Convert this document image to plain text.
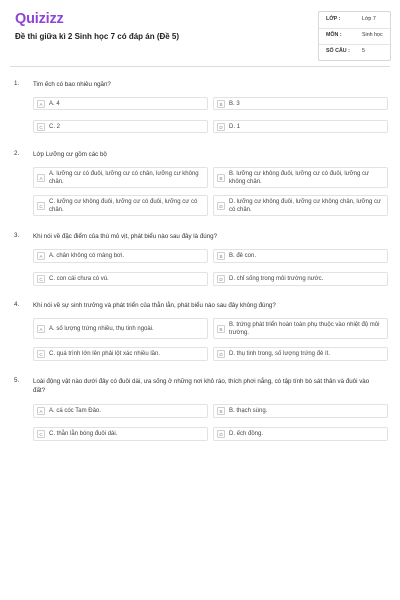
Quizizz
Đề thi giữa kì 2 Sinh học 7 có đáp án (Đề 5)
LỚP :	Lớp 7
MÔN :	Sinh học
SỐ CÂU : 5
1. Tim ếch có bao nhiêu ngăn?
A	A. 4	B	B. 3
C	C. 2	D	D. 1
2. Lớp Lưỡng cư gồm các bộ
A
A. lưỡng cư có đuôi, lưỡng cư có chân, lưỡng cư không chân.
B
B. lưỡng cư không đuôi, lưỡng cư có đuôi, lưỡng cư không chân.
C
C. lưỡng cư không đuôi, lưỡng cư có đuôi, lưỡng cư có chân.
D
D. lưỡng cư không đuôi, lưỡng cư không chân, lưỡng cư có chân.
3. Khi nói về đặc điểm của thú mỏ vịt, phát biểu nào sau đây là đúng?
A	A. chân không có màng bơi.	B	B. đẻ con.
C	C. con cái chưa có vú.	D	D. chỉ sống trong môi trường nước.
4. Khi nói về sự sinh trưởng và phát triển của thằn lằn, phát biểu nào sau đây không đúng?
A	A. số lượng trứng nhiều, thụ tinh ngoài.	B
B. trứng phát triển hoàn toàn phụ thuộc vào nhiệt độ môi trường.
C	C. quá trình lớn lên phải lột xác nhiều lần.	D	D. thụ tinh trong, số lượng trứng đẻ ít.
5. Loài động vật nào dưới đây có đuôi dài, ưa sống ở những nơi khô ráo, thích phơi nắng, có tập tính bò sát thân và đuôi vào đất?
A	A. cá cóc Tam Đảo.	B	B. thạch sùng.
C	C. thằn lằn bóng đuôi dài.	D	D. ếch đồng.
